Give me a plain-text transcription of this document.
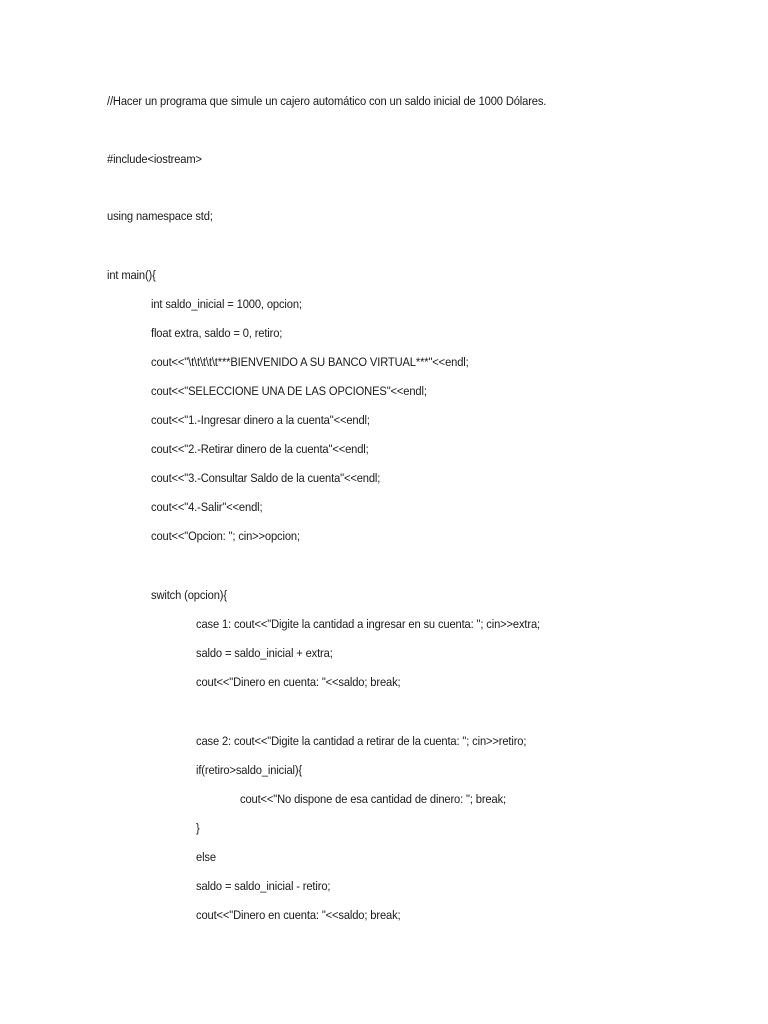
//Hacer un programa que simule un cajero automático con un saldo inicial de 1000 Dólares.
#include<iostream>
using namespace std;
int main(){
int saldo_inicial = 1000, opcion;
float extra, saldo = 0, retiro;
cout<<"\t\t\t\t\t***BIENVENIDO A SU BANCO VIRTUAL***"<<endl;
cout<<"SELECCIONE UNA DE LAS OPCIONES"<<endl;
cout<<"1.-Ingresar dinero a la cuenta"<<endl;
cout<<"2.-Retirar dinero de la cuenta"<<endl;
cout<<"3.-Consultar Saldo de la cuenta"<<endl;
cout<<"4.-Salir"<<endl;
cout<<"Opcion: "; cin>>opcion;
switch (opcion){
case 1: cout<<"Digite la cantidad a ingresar en su cuenta: "; cin>>extra;
saldo = saldo_inicial + extra;
cout<<"Dinero en cuenta: "<<saldo; break;
case 2: cout<<"Digite la cantidad a retirar de la cuenta: "; cin>>retiro;
if(retiro>saldo_inicial){
cout<<"No dispone de esa cantidad de dinero: "; break;
}
else
saldo = saldo_inicial - retiro;
cout<<"Dinero en cuenta: "<<saldo; break;
